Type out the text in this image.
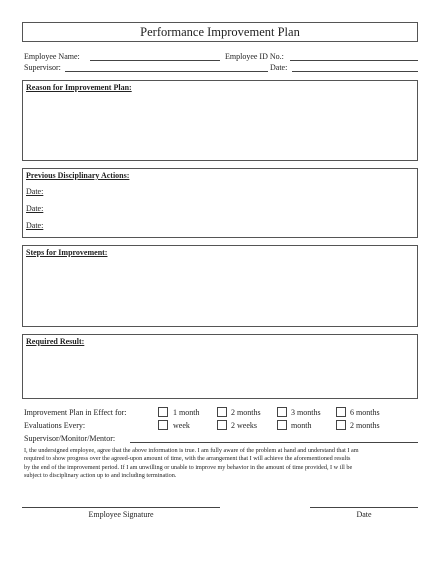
Performance Improvement Plan
Employee Name:	Employee ID No.:
Supervisor:	Date:
Reason for Improvement Plan:
Previous Disciplinary Actions:
Date:
Date:
Date:
Steps for Improvement:
Required Result:
Improvement Plan in Effect for:	1 month	2 months	3 months	6 months
Evaluations Every:	week	2 weeks	month	2 months
Supervisor/Monitor/Mentor:
I, the undersigned employee, agree that the above information is true. I am fully aware of the problem at hand and understand that I am
required to show progress over the agreed-upon amount of time, with the arrangement that I will achieve the aforementioned results
by the end of the improvement period. If I am unwilling or unable to improve my behavior in the amount of time provided, I w ill be
subject to disciplinary action up to and including termination.
Employee Signature	Date
